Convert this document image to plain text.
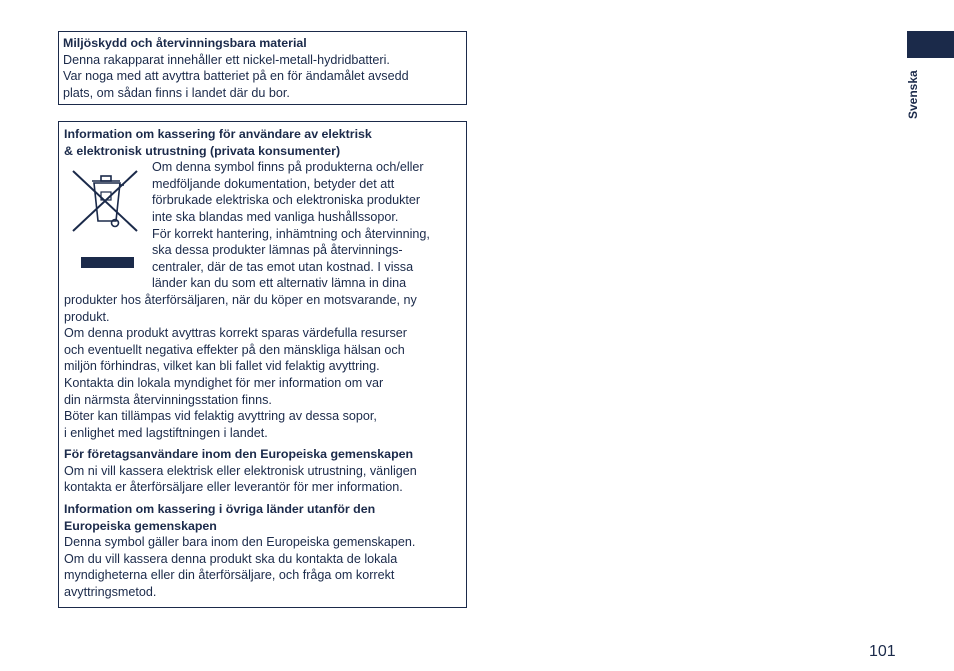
Svenska

Miljöskydd och återvinningsbara material

Denna rakapparat innehåller ett nickel-metall-hydridbatteri.

Var noga med att avyttra batteriet på en för ändamålet avsedd

plats, om sådan finns i landet där du bor.

Information om kassering för användare av elektrisk

& elektronisk utrustning (privata konsumenter)

Om denna symbol finns på produkterna och/eller

medföljande dokumentation, betyder det att

förbrukade elektriska och elektroniska produkter

inte ska blandas med vanliga hushållssopor.

För korrekt hantering, inhämtning och återvinning,

ska dessa produkter lämnas på återvinnings-

centraler, där de tas emot utan kostnad. I vissa

länder kan du som ett alternativ lämna in dina

produkter hos återförsäljaren, när du köper en motsvarande, ny

produkt.

Om denna produkt avyttras korrekt sparas värdefulla resurser

och eventuellt negativa effekter på den mänskliga hälsan och

miljön förhindras, vilket kan bli fallet vid felaktig avyttring.

Kontakta din lokala myndighet för mer information om var

din närmsta återvinningsstation finns.

Böter kan tillämpas vid felaktig avyttring av dessa sopor,

i enlighet med lagstiftningen i landet.

För företagsanvändare inom den Europeiska gemenskapen

Om ni vill kassera elektrisk eller elektronisk utrustning, vänligen

kontakta er återförsäljare eller leverantör för mer information.

Information om kassering i övriga länder utanför den

Europeiska gemenskapen

Denna symbol gäller bara inom den Europeiska gemenskapen.

Om du vill kassera denna produkt ska du kontakta de lokala

myndigheterna eller din återförsäljare, och fråga om korrekt

avyttringsmetod.

101
